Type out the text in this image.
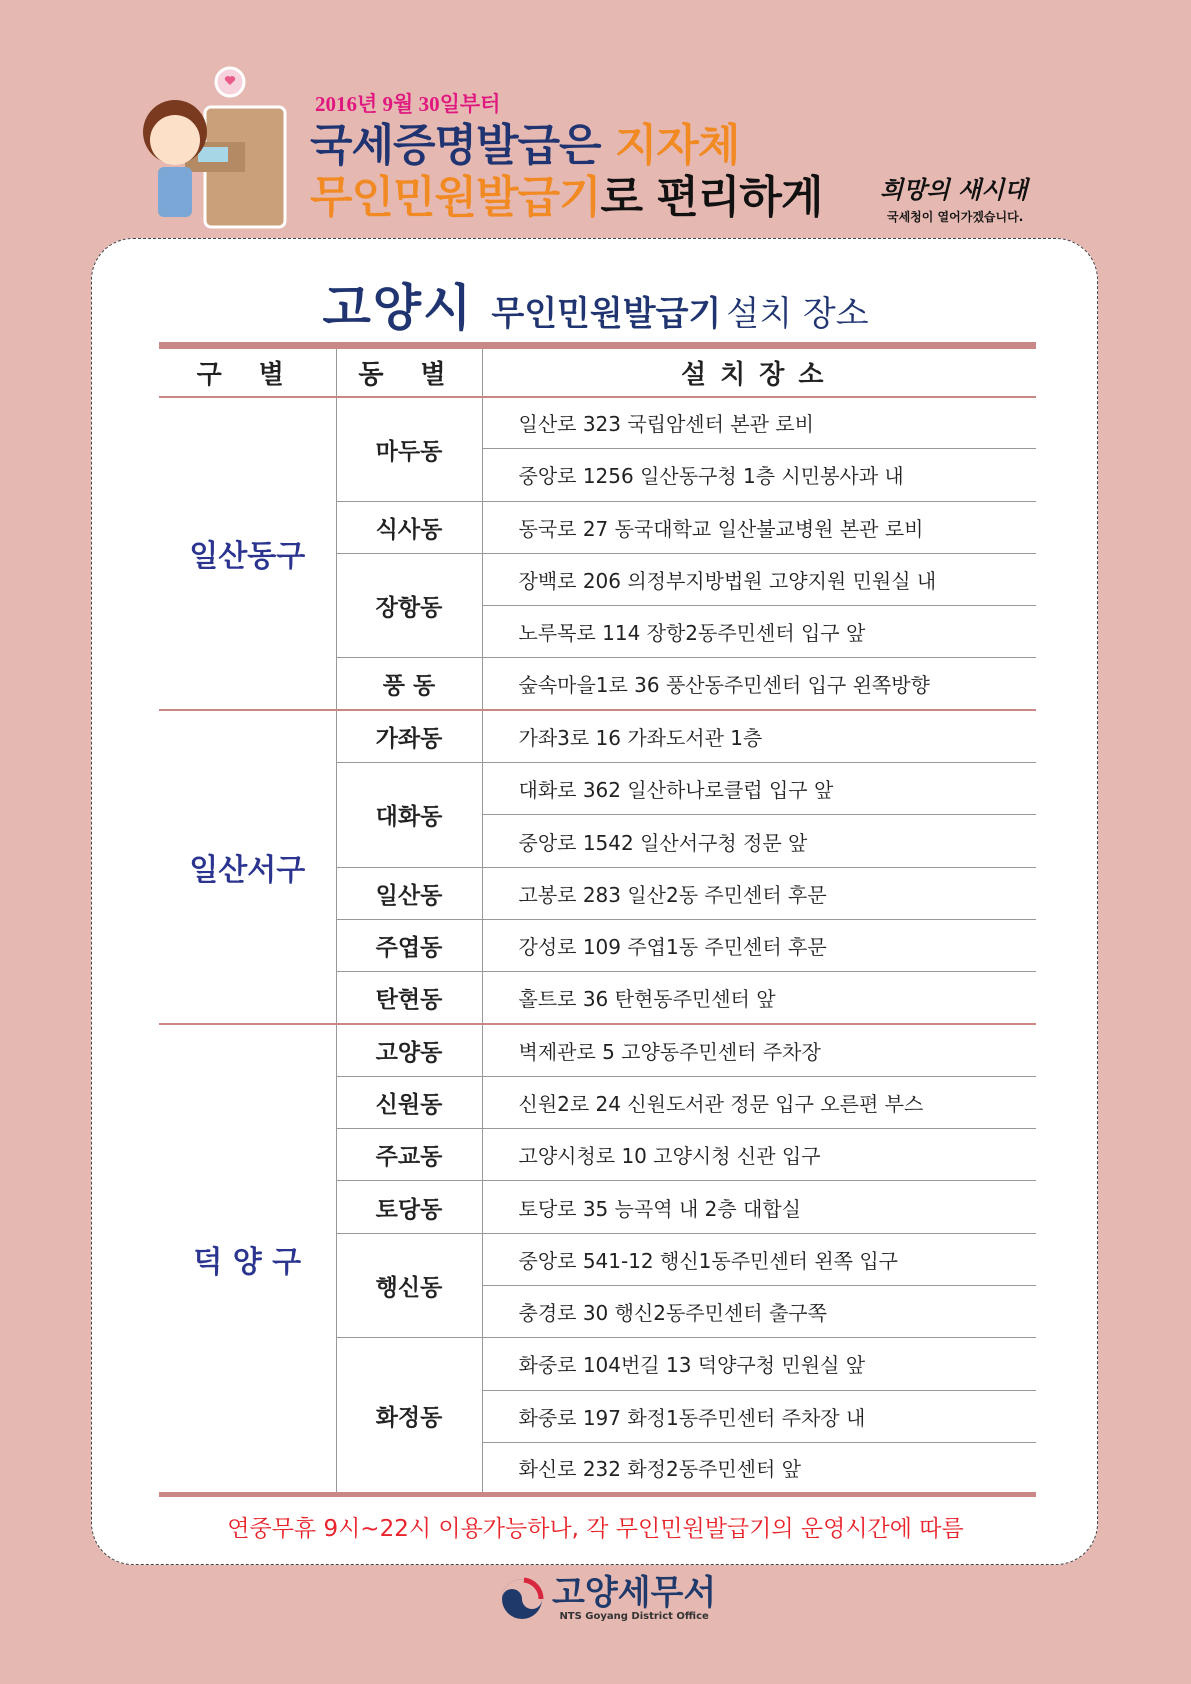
2016년 9월 30일부터
국세증명발급은 지자체
무인민원발급기로 편리하게 희망의 새시대
국세청이 열어가겠습니다.
고양시 무인민원발급기 설치 장소
구 별	동 별	설치장소
일산동구	마두동	일산로 323 국립암센터 본관 로비
		중앙로 1256 일산동구청 1층 시민봉사과 내
	식사동	동국로 27 동국대학교 일산불교병원 본관 로비
	장항동	장백로 206 의정부지방법원 고양지원 민원실 내
		노루목로 114 장항2동주민센터 입구 앞
	풍 동	숲속마을1로 36 풍산동주민센터 입구 왼쪽방향
일산서구	가좌동	가좌3로 16 가좌도서관 1층
	대화동	대화로 362 일산하나로클럽 입구 앞
		중앙로 1542 일산서구청 정문 앞
	일산동	고봉로 283 일산2동 주민센터 후문
	주엽동	강성로 109 주엽1동 주민센터 후문
	탄현동	홀트로 36 탄현동주민센터 앞
덕 양 구	고양동	벽제관로 5 고양동주민센터 주차장
	신원동	신원2로 24 신원도서관 정문 입구 오른편 부스
	주교동	고양시청로 10 고양시청 신관 입구
	토당동	토당로 35 능곡역 내 2층 대합실
	행신동	중앙로 541-12 행신1동주민센터 왼쪽 입구
		충경로 30 행신2동주민센터 출구쪽
	화정동	화중로 104번길 13 덕양구청 민원실 앞
		화중로 197 화정1동주민센터 주차장 내
		화신로 232 화정2동주민센터 앞
연중무휴 9시~22시 이용가능하나, 각 무인민원발급기의 운영시간에 따름
고양세무서
NTS Goyang District Office
